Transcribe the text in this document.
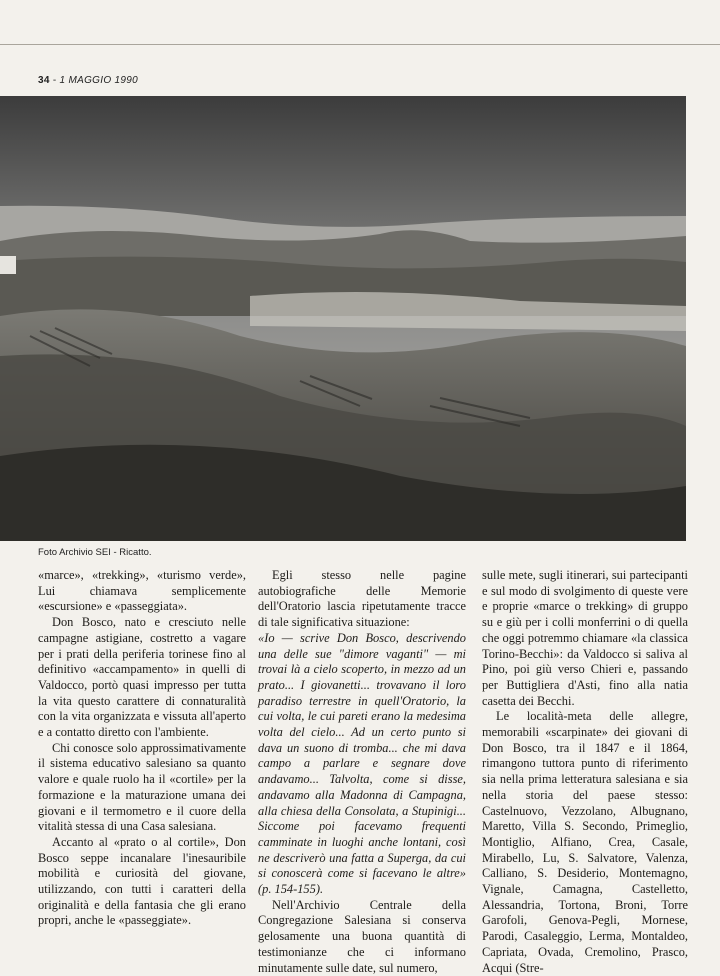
34 - 1 MAGGIO 1990
Foto Archivio SEI - Ricatto.

«marce», «trekking», «turismo verde», Lui chiamava semplicemente «escursione» e «passeggiata».

Don Bosco, nato e cresciuto nelle campagne astigiane, costretto a vagare per i prati della periferia torinese fino al definitivo «accampamento» in quelli di Valdocco, portò quasi impresso per tutta la vita questo carattere di connaturalità con la vita organizzata e vissuta all'aperto e a contatto diretto con l'ambiente.

Chi conosce solo approssimativamente il sistema educativo salesiano sa quanto valore e quale ruolo ha il «cortile» per la formazione e la maturazione umana dei giovani e il termometro e il cuore della vitalità stessa di una Casa salesiana.

Accanto al «prato o al cortile», Don Bosco seppe incanalare l'inesauribile mobilità e curiosità del giovane, utilizzando, con tutti i caratteri della originalità e della fantasia che gli erano propri, anche le «passeggiate».

Egli stesso nelle pagine autobiografiche delle Memorie dell'Oratorio lascia ripetutamente tracce di tale significativa situazione:

«Io — scrive Don Bosco, descrivendo una delle sue "dimore vaganti" — mi trovai là a cielo scoperto, in mezzo ad un prato... I giovanetti... trovavano il loro paradiso terrestre in quell'Oratorio, la cui volta, le cui pareti erano la medesima volta del cielo... Ad un certo punto si dava un suono di tromba... che mi dava campo a parlare e segnare dove andavamo... Talvolta, come si disse, andavamo alla Madonna di Campagna, alla chiesa della Consolata, a Stupinigi... Siccome poi facevamo frequenti camminate in luoghi anche lontani, così ne descriverò una fatta a Superga, da cui si conoscerà come si facevano le altre» (p. 154-155).

Nell'Archivio Centrale della Congregazione Salesiana si conserva gelosamente una buona quantità di testimonianze che ci informano minutamente sulle date, sul numero,

sulle mete, sugli itinerari, sui partecipanti e sul modo di svolgimento di queste vere e proprie «marce o trekking» di gruppo su e giù per i colli monferrini o di quella che oggi potremmo chiamare «la classica Torino-Becchi»: da Valdocco si saliva al Pino, poi giù verso Chieri e, passando per Buttigliera d'Asti, fino alla natia casetta dei Becchi.

Le località-meta delle allegre, memorabili «scarpinate» dei giovani di Don Bosco, tra il 1847 e il 1864, rimangono tuttora punto di riferimento sia nella prima letteratura salesiana e sia nella storia del paese stesso: Castelnuovo, Vezzolano, Albugnano, Maretto, Villa S. Secondo, Primeglio, Montiglio, Alfiano, Crea, Casale, Mirabello, Lu, S. Salvatore, Valenza, Calliano, S. Desiderio, Montemagno, Vignale, Camagna, Castelletto, Alessandria, Tortona, Broni, Torre Garofoli, Genova-Pegli, Mornese, Parodi, Casaleggio, Lerma, Montaldeo, Capriata, Ovada, Cremolino, Prasco, Acqui (Stre-
